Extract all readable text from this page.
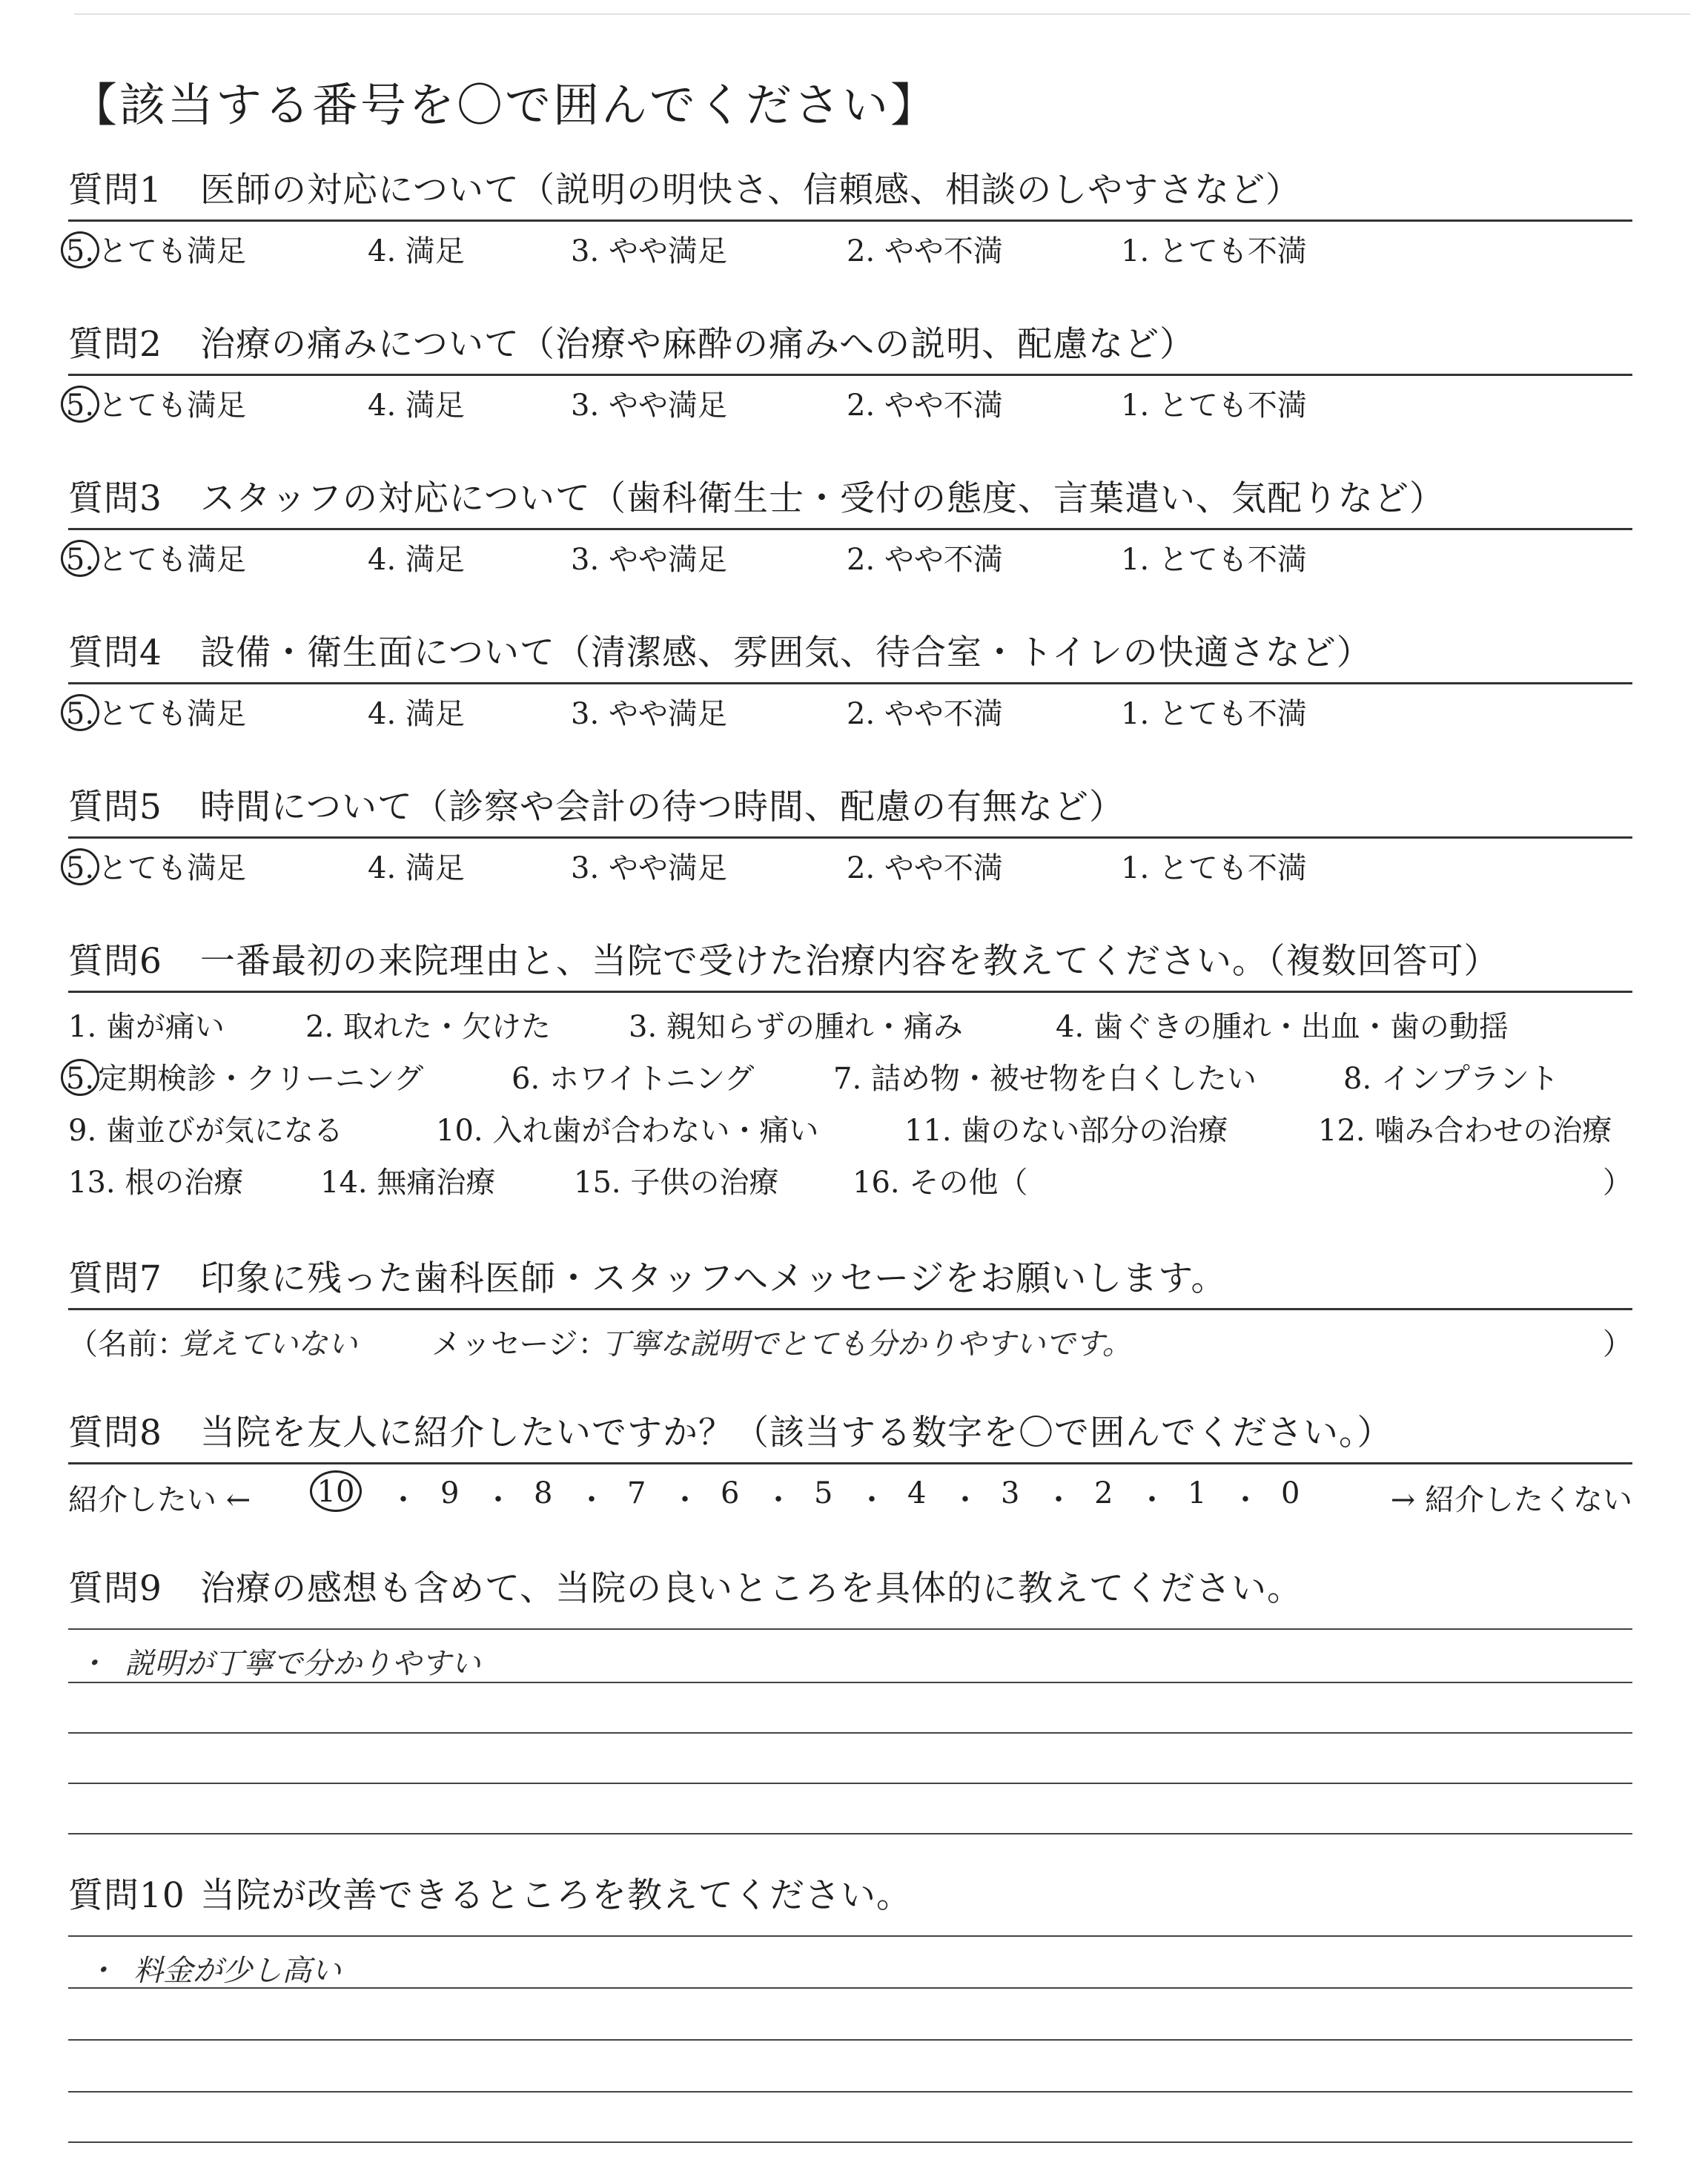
【該当する番号を〇で囲んでください】
質問1	医師の対応について（説明の明快さ、信頼感、相談のしやすさなど）
5. とても満足	4. 満足	3. やや満足	2. やや不満	1. とても不満
質問2	治療の痛みについて（治療や麻酔の痛みへの説明、配慮など）
5. とても満足	4. 満足	3. やや満足	2. やや不満	1. とても不満
質問3	スタッフの対応について（歯科衛生士・受付の態度、言葉遣い、気配りなど）
5. とても満足	4. 満足	3. やや満足	2. やや不満	1. とても不満
質問4	設備・衛生面について（清潔感、雰囲気、待合室・トイレの快適さなど）
5. とても満足	4. 満足	3. やや満足	2. やや不満	1. とても不満
質問5	時間について（診察や会計の待つ時間、配慮の有無など）
5. とても満足	4. 満足	3. やや満足	2. やや不満	1. とても不満
質問6	一番最初の来院理由と、当院で受けた治療内容を教えてください。（複数回答可）
1. 歯が痛い	2. 取れた・欠けた	3. 親知らずの腫れ・痛み	4. 歯ぐきの腫れ・出血・歯の動揺
5. 定期検診・クリーニング	6. ホワイトニング	7. 詰め物・被せ物を白くしたい	8. インプラント
9. 歯並びが気になる	10. 入れ歯が合わない・痛い	11. 歯のない部分の治療	12. 噛み合わせの治療
13. 根の治療	14. 無痛治療	15. 子供の治療 16. その他（	）
質問7	印象に残った歯科医師・スタッフへメッセージをお願いします。
（名前：
覚えていない	メッセージ：
丁寧な説明でとても分かりやすいです。	）
質問8	当院を友人に紹介したいですか？（該当する数字を〇で囲んでください。）
紹介したい ← 10 ・ 9 ・ 8 ・ 7 ・ 6 ・ 5 ・ 4 ・ 3 ・ 2 ・ 1 ・ 0	→ 紹介したくない
質問9	治療の感想も含めて、当院の良いところを具体的に教えてください。
・ 説明が丁寧で分かりやすい
質問10 当院が改善できるところを教えてください。
・ 料金が少し高い
